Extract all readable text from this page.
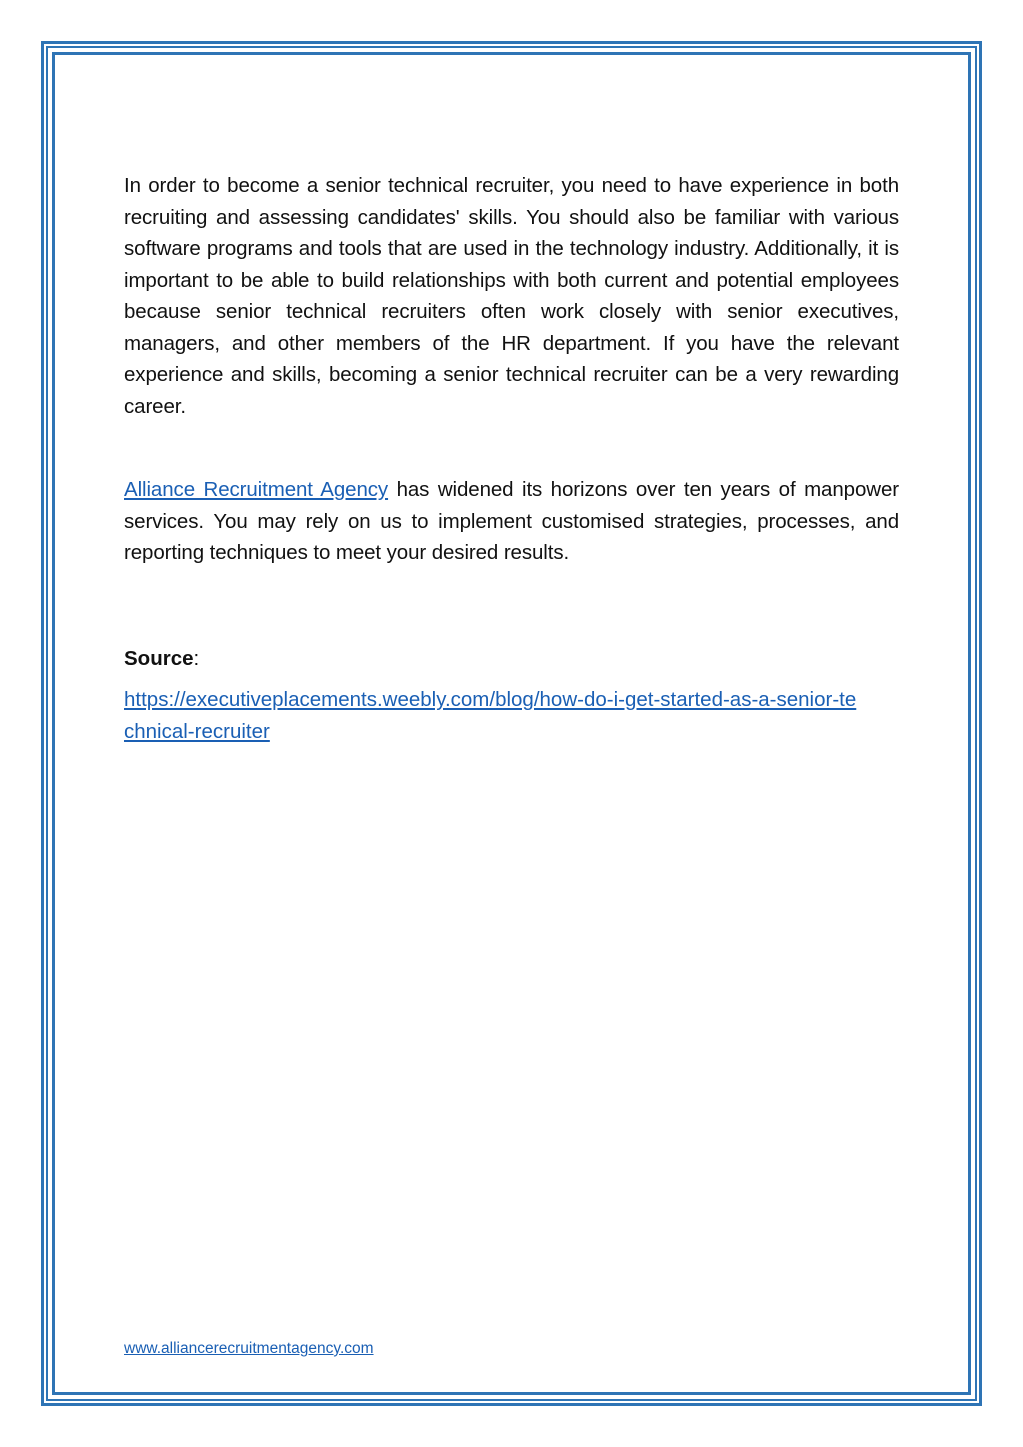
In order to become a senior technical recruiter, you need to have experience in both recruiting and assessing candidates' skills. You should also be familiar with various software programs and tools that are used in the technology industry. Additionally, it is important to be able to build relationships with both current and potential employees because senior technical recruiters often work closely with senior executives, managers, and other members of the HR department. If you have the relevant experience and skills, becoming a senior technical recruiter can be a very rewarding career.

Alliance Recruitment Agency has widened its horizons over ten years of manpower services. You may rely on us to implement customised strategies, processes, and reporting techniques to meet your desired results.

Source:

https://executiveplacements.weebly.com/blog/how-do-i-get-started-as-a-senior-technical-recruiter
www.alliancerecruitmentagency.com
